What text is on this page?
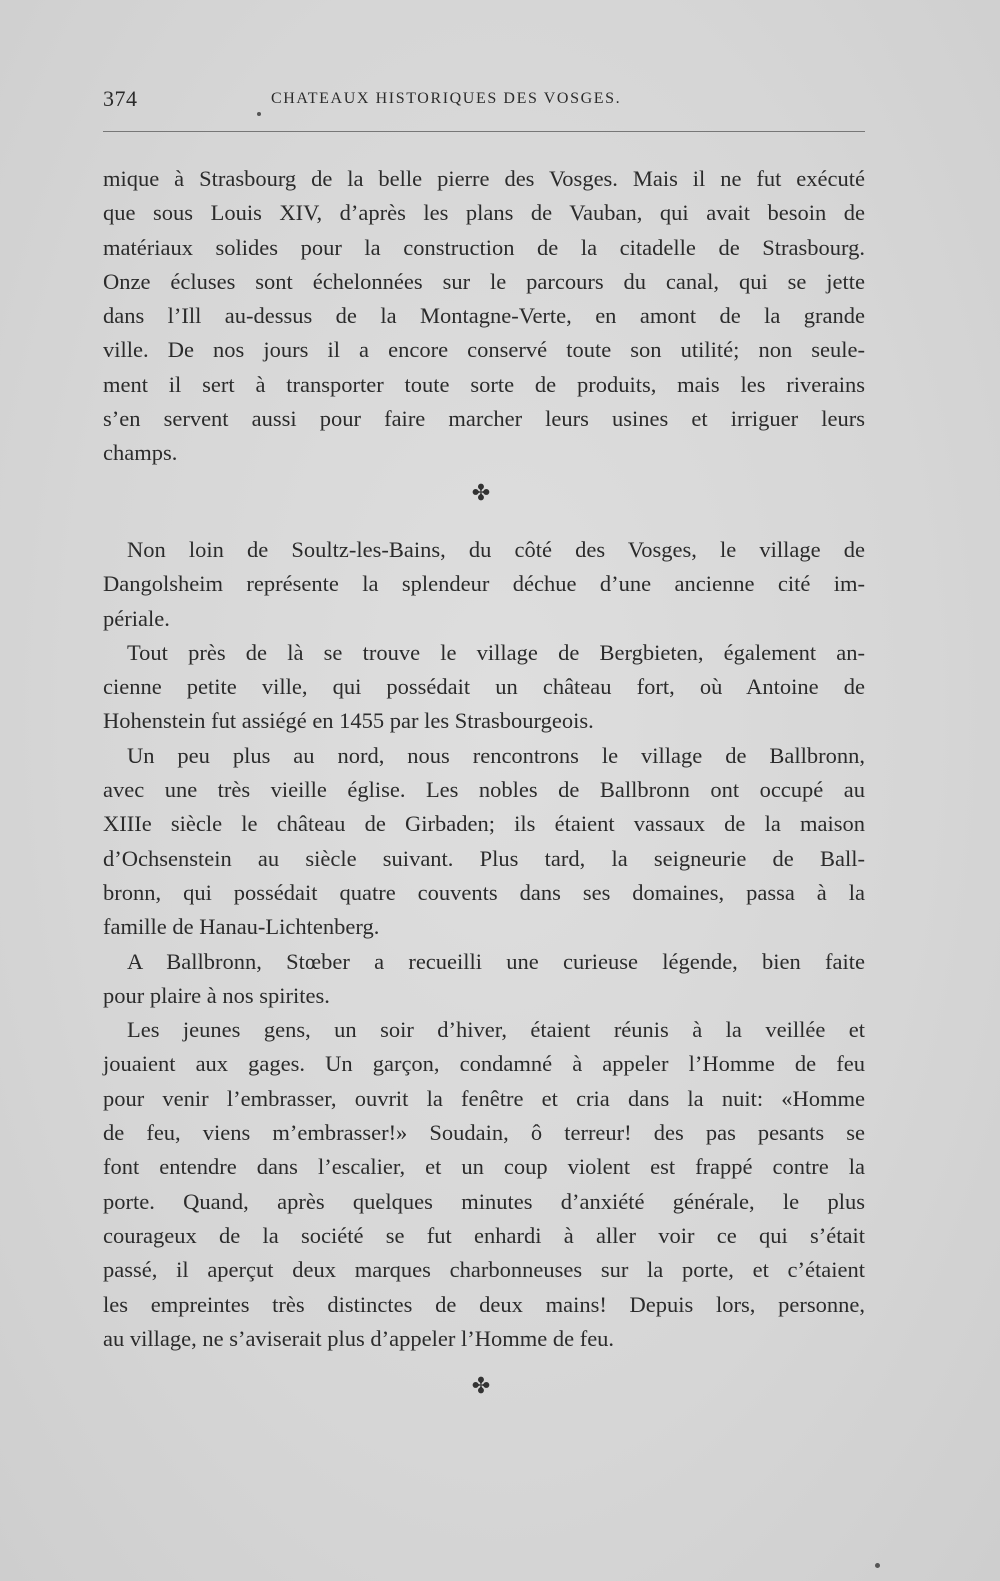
374	CHATEAUX HISTORIQUES DES VOSGES.
mique à Strasbourg de la belle pierre des Vosges. Mais il ne fut exécuté
que sous Louis XIV, d’après les plans de Vauban, qui avait besoin de
matériaux solides pour la construction de la citadelle de Strasbourg.
Onze écluses sont échelonnées sur le parcours du canal, qui se jette
dans l’Ill au-dessus de la Montagne-Verte, en amont de la grande
ville. De nos jours il a encore conservé toute son utilité; non seule-
ment il sert à transporter toute sorte de produits, mais les riverains
s’en servent aussi pour faire marcher leurs usines et irriguer leurs
champs.
✤
Non loin de Soultz-les-Bains, du côté des Vosges, le village de
Dangolsheim représente la splendeur déchue d’une ancienne cité im-
périale.
Tout près de là se trouve le village de Bergbieten, également an-
cienne petite ville, qui possédait un château fort, où Antoine de
Hohenstein fut assiégé en 1455 par les Strasbourgeois.
Un peu plus au nord, nous rencontrons le village de Ballbronn,
avec une très vieille église. Les nobles de Ballbronn ont occupé au
XIIIe siècle le château de Girbaden; ils étaient vassaux de la maison
d’Ochsenstein au siècle suivant. Plus tard, la seigneurie de Ball-
bronn, qui possédait quatre couvents dans ses domaines, passa à la
famille de Hanau-Lichtenberg.
A Ballbronn, Stœber a recueilli une curieuse légende, bien faite
pour plaire à nos spirites.
Les jeunes gens, un soir d’hiver, étaient réunis à la veillée et
jouaient aux gages. Un garçon, condamné à appeler l’Homme de feu
pour venir l’embrasser, ouvrit la fenêtre et cria dans la nuit: «Homme
de feu, viens m’embrasser!» Soudain, ô terreur! des pas pesants se
font entendre dans l’escalier, et un coup violent est frappé contre la
porte. Quand, après quelques minutes d’anxiété générale, le plus
courageux de la société se fut enhardi à aller voir ce qui s’était
passé, il aperçut deux marques charbonneuses sur la porte, et c’étaient
les empreintes très distinctes de deux mains! Depuis lors, personne,
au village, ne s’aviserait plus d’appeler l’Homme de feu.
✤
